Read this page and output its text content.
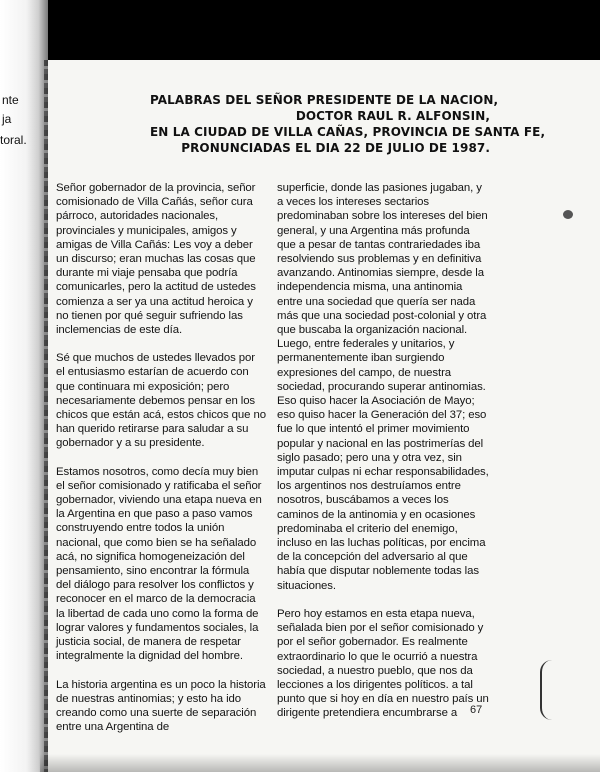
nte
ja
toral.
PALABRAS DEL SEÑOR PRESIDENTE DE LA NACION,
DOCTOR RAUL R. ALFONSIN,
EN LA CIUDAD DE VILLA CAÑAS, PROVINCIA DE SANTA FE,
PRONUNCIADAS EL DIA 22 DE JULIO DE 1987.

Señor gobernador de la provincia, señor comisionado de Villa Cañás, señor cura párroco, autoridades nacionales, provinciales y municipales, amigos y amigas de Villa Cañás: Les voy a deber un discurso; eran muchas las cosas que durante mi viaje pensaba que podría comunicarles, pero la actitud de ustedes comienza a ser ya una actitud heroica y no tienen por qué seguir sufriendo las inclemencias de este día.

Sé que muchos de ustedes llevados por el entusiasmo estarían de acuerdo con que continuara mi exposición; pero necesariamente debemos pensar en los chicos que están acá, estos chicos que no han querido retirarse para saludar a su gobernador y a su presidente.

Estamos nosotros, como decía muy bien el señor comisionado y ratificaba el señor gobernador, viviendo una etapa nueva en la Argentina en que paso a paso vamos construyendo entre todos la unión nacional, que como bien se ha señalado acá, no significa homogeneización del pensamiento, sino encontrar la fórmula del diálogo para resolver los conflictos y reconocer en el marco de la democracia la libertad de cada uno como la forma de lograr valores y fundamentos sociales, la justicia social, de manera de respetar integralmente la dignidad del hombre.

La historia argentina es un poco la historia de nuestras antinomias; y esto ha ido creando como una suerte de separación entre una Argentina de

superficie, donde las pasiones jugaban, y a veces los intereses sectarios predominaban sobre los intereses del bien general, y una Argentina más profunda que a pesar de tantas contrariedades iba resolviendo sus problemas y en definitiva avanzando. Antinomias siempre, desde la independencia misma, una antinomia entre una sociedad que quería ser nada más que una sociedad post-colonial y otra que buscaba la organización nacional. Luego, entre federales y unitarios, y permanentemente iban surgiendo expresiones del campo, de nuestra sociedad, procurando superar antinomias. Eso quiso hacer la Asociación de Mayo; eso quiso hacer la Generación del 37; eso fue lo que intentó el primer movimiento popular y nacional en las postrimerías del siglo pasado; pero una y otra vez, sin imputar culpas ni echar responsabilidades, los argentinos nos destruíamos entre nosotros, buscábamos a veces los caminos de la antinomia y en ocasiones predominaba el criterio del enemigo, incluso en las luchas políticas, por encima de la concepción del adversario al que había que disputar noblemente todas las situaciones.

Pero hoy estamos en esta etapa nueva, señalada bien por el señor comisionado y por el señor gobernador. Es realmente extraordinario lo que le ocurrió a nuestra sociedad, a nuestro pueblo, que nos da lecciones a los dirigentes políticos. a tal punto que si hoy en día en nuestro país un dirigente pretendiera encumbrarse a	67
